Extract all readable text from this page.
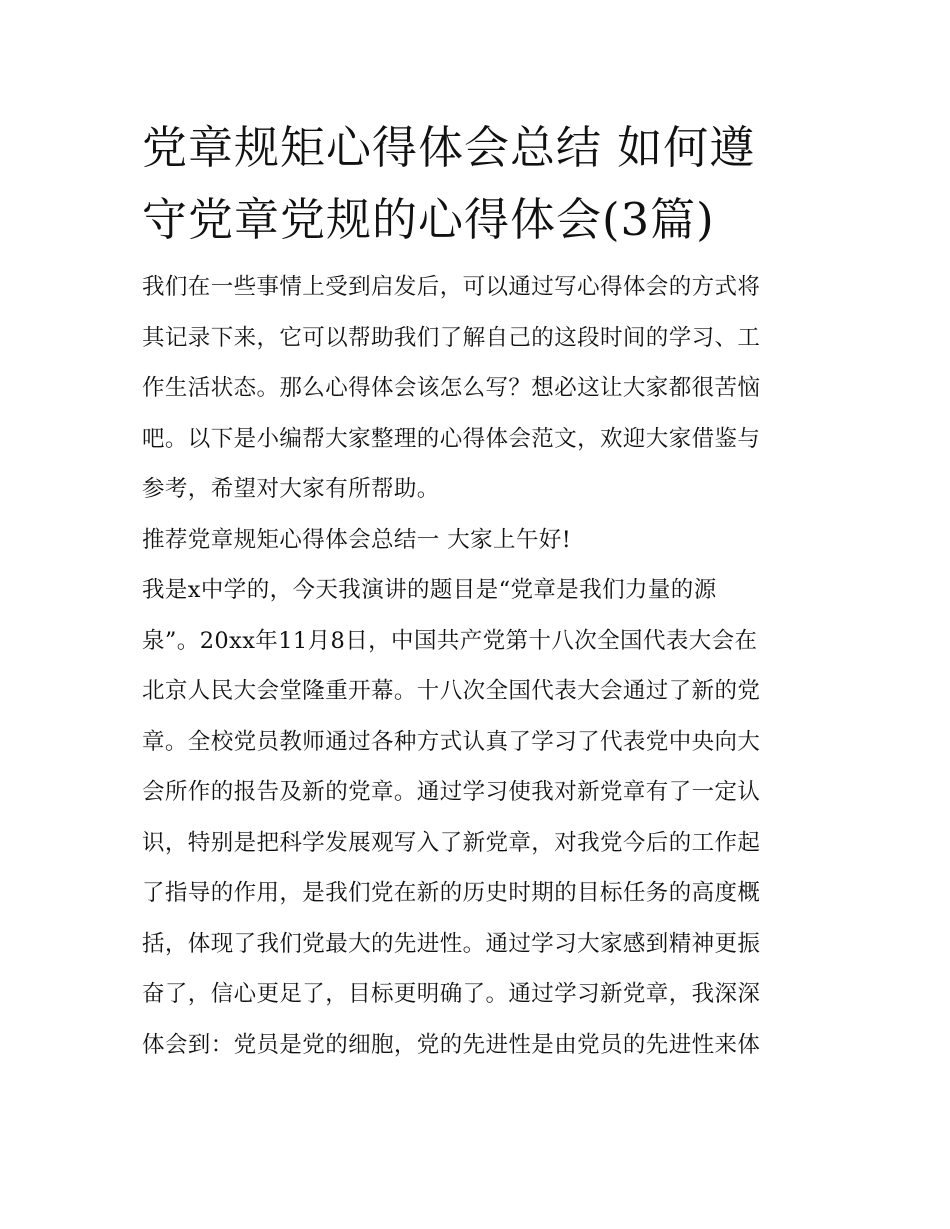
党章规矩心得体会总结 如何遵
守党章党规的心得体会(3篇)
我们在一些事情上受到启发后，可以通过写心得体会的方式将
其记录下来，它可以帮助我们了解自己的这段时间的学习、工
作生活状态。那么心得体会该怎么写？想必这让大家都很苦恼
吧。以下是小编帮大家整理的心得体会范文，欢迎大家借鉴与
参考，希望对大家有所帮助。
推荐党章规矩心得体会总结一 大家上午好!
我是x中学的，今天我演讲的题目是“党章是我们力量的源
泉”。20xx年11月8日，中国共产党第十八次全国代表大会在
北京人民大会堂隆重开幕。十八次全国代表大会通过了新的党
章。全校党员教师通过各种方式认真了学习了代表党中央向大
会所作的报告及新的党章。通过学习使我对新党章有了一定认
识，特别是把科学发展观写入了新党章，对我党今后的工作起
了指导的作用，是我们党在新的历史时期的目标任务的高度概
括，体现了我们党最大的先进性。通过学习大家感到精神更振
奋了，信心更足了，目标更明确了。通过学习新党章，我深深
体会到：党员是党的细胞，党的先进性是由党员的先进性来体
